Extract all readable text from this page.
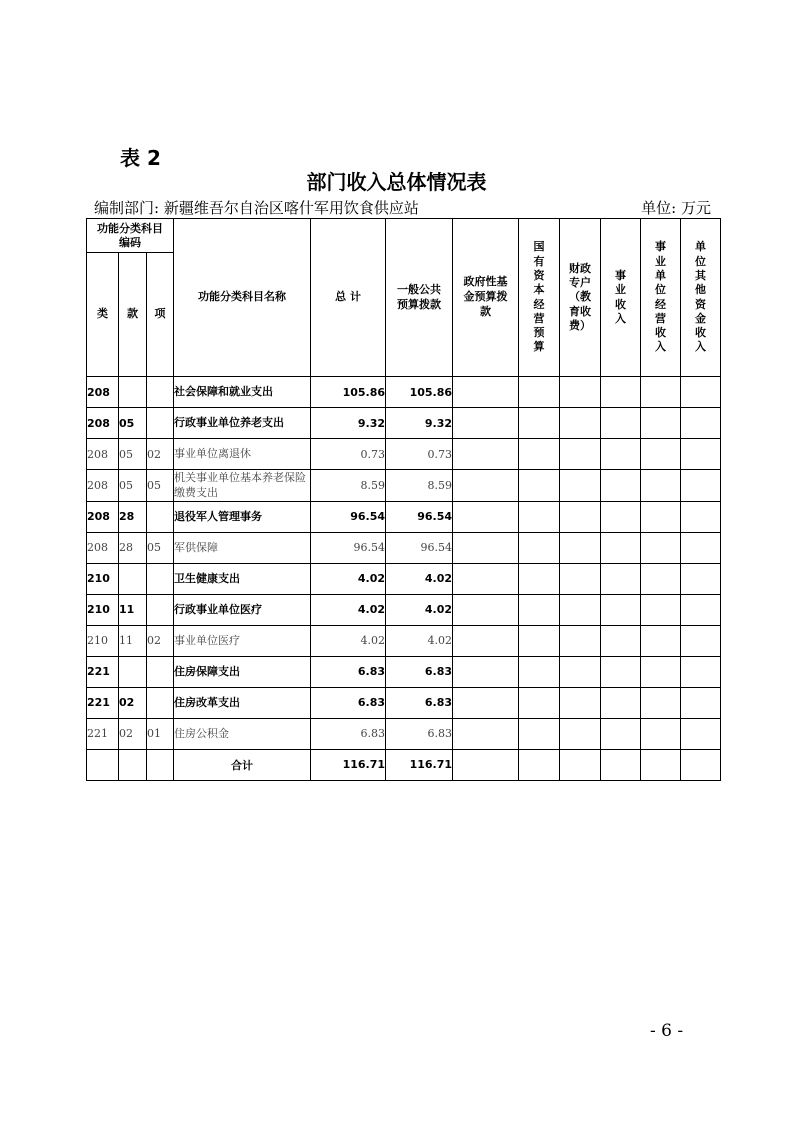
表 2
部门收入总体情况表
编制部门: 新疆维吾尔自治区喀什军用饮食供应站	单位: 万元
功能分类科目编码			功能分类科目名称	总 计	一般公共预算拨款	政府性基金预算拨款	国有资本经营预算	财政专户（教育收费）	事业收入	事业单位经营收入	单位其他资金收入

类	款	项									
208			社会保障和就业支出	105.86	105.86						
208	05		行政事业单位养老支出	9.32	9.32						
208	05	02	事业单位离退休	0.73	0.73						
208	05	05	机关事业单位基本养老保险缴费支出	8.59	8.59						
208	28		退役军人管理事务	96.54	96.54						
208	28	05	军供保障	96.54	96.54						
210			卫生健康支出	4.02	4.02						
210	11		行政事业单位医疗	4.02	4.02						
210	11	02	事业单位医疗	4.02	4.02						
221			住房保障支出	6.83	6.83						
221	02		住房改革支出	6.83	6.83						
221	02	01	住房公积金	6.83	6.83						
			合计	116.71	116.71						
- 6 -
